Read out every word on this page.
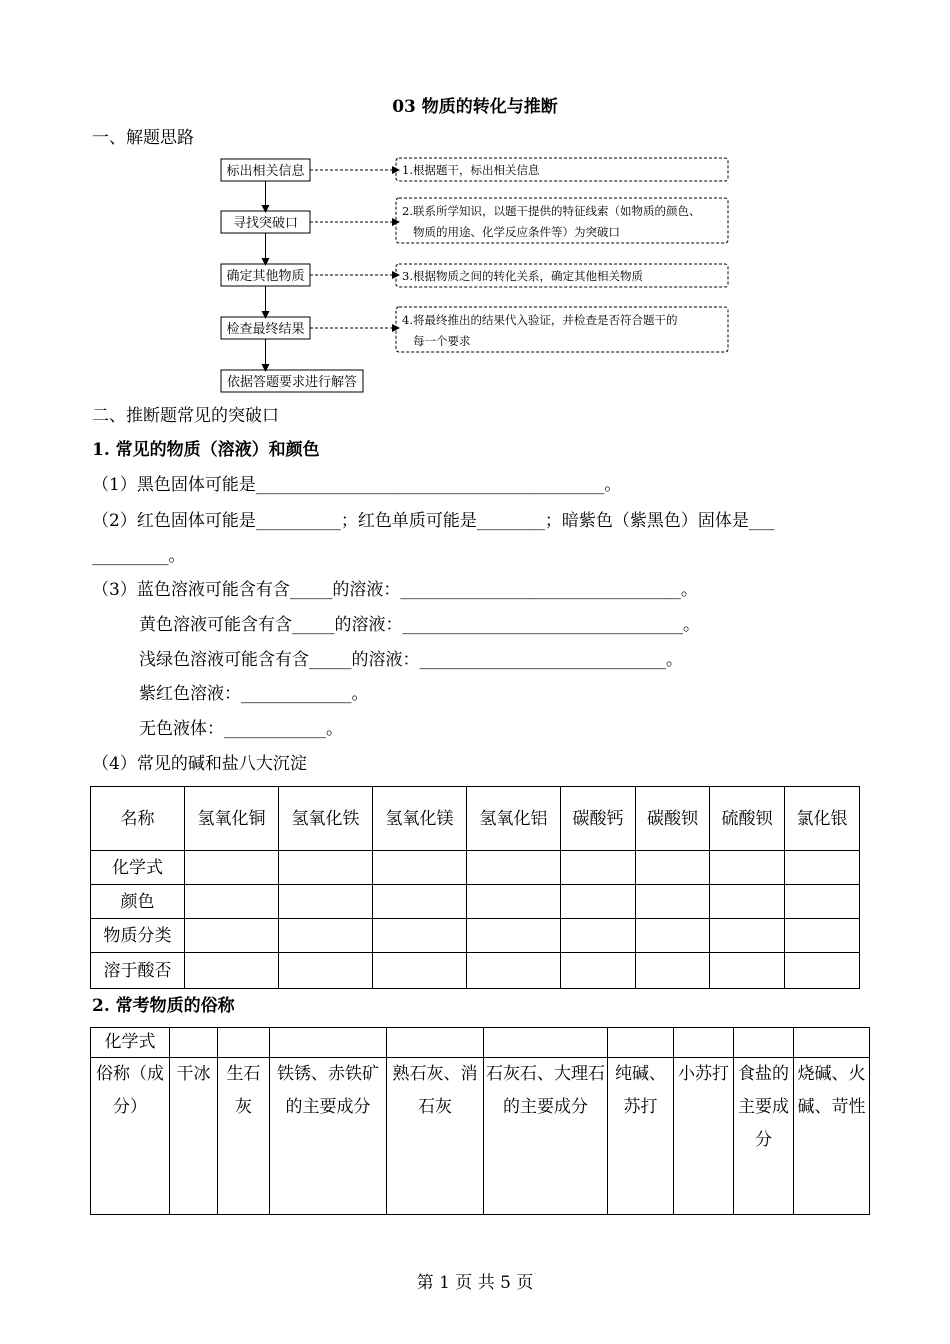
03 物质的转化与推断
一、解题思路
标出相关信息
寻找突破口
确定其他物质
检查最终结果
依据答题要求进行解答
1.根据题干，标出相关信息
2.联系所学知识，以题干提供的特征线索（如物质的颜色、
物质的用途、化学反应条件等）为突破口
3.根据物质之间的转化关系，确定其他相关物质
4.将最终推出的结果代入验证，并检查是否符合题干的
每一个要求
二、推断题常见的突破口
1. 常见的物质（溶液）和颜色
（1）黑色固体可能是_________________________________________。
（2）红色固体可能是__________；红色单质可能是________；暗紫色（紫黑色）固体是___
_________。
（3）蓝色溶液可能含有含_____的溶液：_________________________________。
黄色溶液可能含有含_____的溶液：_________________________________。
浅绿色溶液可能含有含_____的溶液：_____________________________。
紫红色溶液：_____________。
无色液体：____________。
（4）常见的碱和盐八大沉淀
名称	氢氧化铜	氢氧化铁	氢氧化镁	氢氧化铝	碳酸钙	碳酸钡	硫酸钡	氯化银
化学式								
颜色								
物质分类								
溶于酸否								
2. 常考物质的俗称
化学式									
俗称（成分）	干冰	生石灰	铁锈、赤铁矿的主要成分	熟石灰、消石灰	石灰石、大理石的主要成分	纯碱、苏打	小苏打	食盐的主要成分	烧碱、火碱、苛性
第 1 页 共 5 页
